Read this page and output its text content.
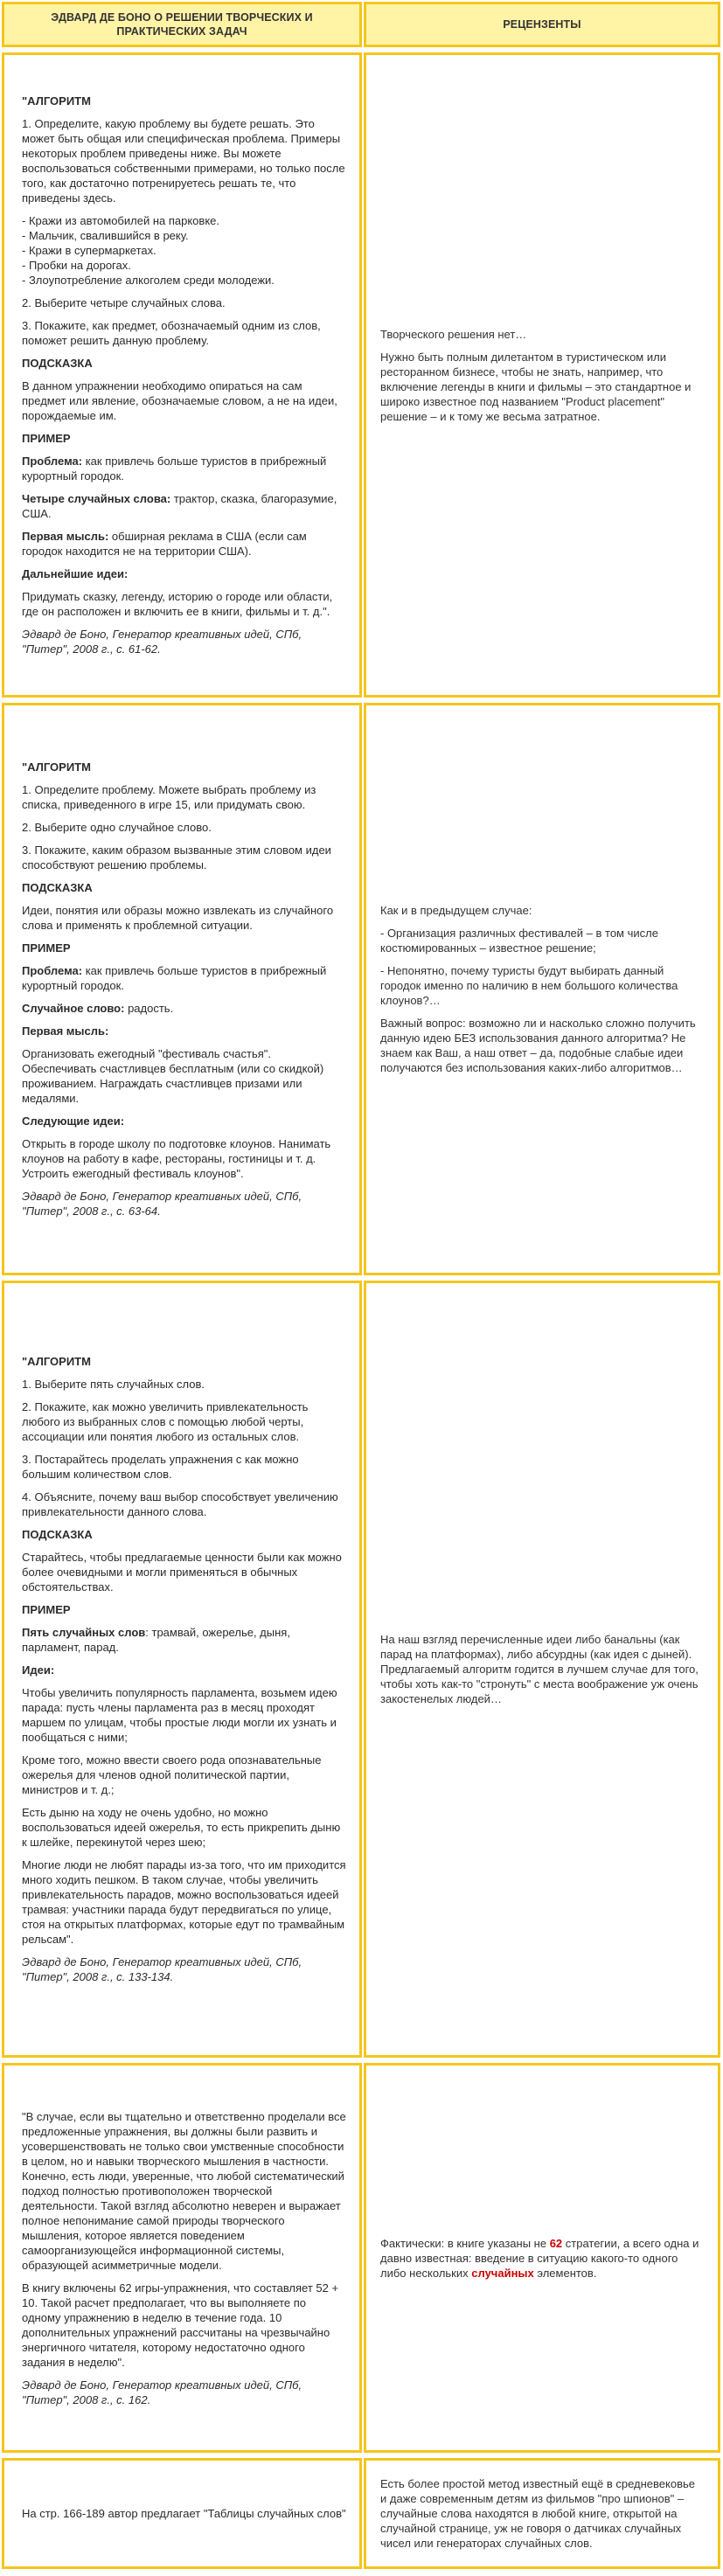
ЭДВАРД ДЕ БОНО О РЕШЕНИИ ТВОРЧЕСКИХ И ПРАКТИЧЕСКИХ ЗАДАЧ
РЕЦЕНЗЕНТЫ
"АЛГОРИТМ
1. Определите, какую проблему вы будете решать. Это может быть общая или специфическая проблема. Примеры некоторых проблем приведены ниже. Вы можете воспользоваться собственными примерами, но только после того, как достаточно потренируетесь решать те, что приведены здесь.
- Кражи из автомобилей на парковке.
- Мальчик, свалившийся в реку.
- Кражи в супермаркетах.
- Пробки на дорогах.
- Злоупотребление алкоголем среди молодежи.
2. Выберите четыре случайных слова.
3. Покажите, как предмет, обозначаемый одним из слов, поможет решить данную проблему.
ПОДСКАЗКА
В данном упражнении необходимо опираться на сам предмет или явление, обозначаемые словом, а не на идеи, порождаемые им.
ПРИМЕР
Проблема: как привлечь больше туристов в прибрежный курортный городок.
Четыре случайных слова: трактор, сказка, благоразумие, США.
Первая мысль: обширная реклама в США (если сам городок находится не на территории США).
Дальнейшие идеи:
Придумать сказку, легенду, историю о городе или области, где он расположен и включить ее в книги, фильмы и т. д.".
Эдвард де Боно, Генератор креативных идей, СПб, "Питер", 2008 г., с. 61-62.
Творческого решения нет…
Нужно быть полным дилетантом в туристическом или ресторанном бизнесе, чтобы не знать, например, что включение легенды в книги и фильмы – это стандартное и широко известное под названием "Product placement" решение – и к тому же весьма затратное.
"АЛГОРИТМ
1. Определите проблему. Можете выбрать проблему из списка, приведенного в игре 15, или придумать свою.
2. Выберите одно случайное слово.
3. Покажите, каким образом вызванные этим словом идеи способствуют решению проблемы.
ПОДСКАЗКА
Идеи, понятия или образы можно извлекать из случайного слова и применять к проблемной ситуации.
ПРИМЕР
Проблема: как привлечь больше туристов в прибрежный курортный городок.
Случайное слово: радость.
Первая мысль:
Организовать ежегодный "фестиваль счастья". Обеспечивать счастливцев бесплатным (или со скидкой) проживанием. Награждать счастливцев призами или медалями.
Следующие идеи:
Открыть в городе школу по подготовке клоунов. Нанимать клоунов на работу в кафе, рестораны, гостиницы и т. д. Устроить ежегодный фестиваль клоунов".
Эдвард де Боно, Генератор креативных идей, СПб, "Питер", 2008 г., с. 63-64.
Как и в предыдущем случае:
- Организация различных фестивалей – в том числе костюмированных – известное решение;
- Непонятно, почему туристы будут выбирать данный городок именно по наличию в нем большого количества клоунов?…
Важный вопрос: возможно ли и насколько сложно получить данную идею БЕЗ использования данного алгоритма? Не знаем как Ваш, а наш ответ – да, подобные слабые идеи получаются без использования каких-либо алгоритмов…
"АЛГОРИТМ
1. Выберите пять случайных слов.
2. Покажите, как можно увеличить привлекательность любого из выбранных слов с помощью любой черты, ассоциации или понятия любого из остальных слов.
3. Постарайтесь проделать упражнения с как можно большим количеством слов.
4. Объясните, почему ваш выбор способствует увеличению привлекательности данного слова.
ПОДСКАЗКА
Старайтесь, чтобы предлагаемые ценности были как можно более очевидными и могли применяться в обычных обстоятельствах.
ПРИМЕР
Пять случайных слов: трамвай, ожерелье, дыня, парламент, парад.
Идеи:
Чтобы увеличить популярность парламента, возьмем идею парада: пусть члены парламента раз в месяц проходят маршем по улицам, чтобы простые люди могли их узнать и пообщаться с ними;
Кроме того, можно ввести своего рода опознавательные ожерелья для членов одной политической партии, министров и т. д.;
Есть дыню на ходу не очень удобно, но можно воспользоваться идеей ожерелья, то есть прикрепить дыню к шлейке, перекинутой через шею;
Многие люди не любят парады из-за того, что им приходится много ходить пешком. В таком случае, чтобы увеличить привлекательность парадов, можно воспользоваться идеей трамвая: участники парада будут передвигаться по улице, стоя на открытых платформах, которые едут по трамвайным рельсам".
Эдвард де Боно, Генератор креативных идей, СПб, "Питер", 2008 г., с. 133-134.
На наш взгляд перечисленные идеи либо банальны (как парад на платформах), либо абсурдны (как идея с дыней). Предлагаемый алгоритм годится в лучшем случае для того, чтобы хоть как-то "стронуть" с места воображение уж очень закостенелых людей…
"В случае, если вы тщательно и ответственно проделали все предложенные упражнения, вы должны были развить и усовершенствовать не только свои умственные способности в целом, но и навыки творческого мышления в частности. Конечно, есть люди, уверенные, что любой систематический подход полностью противоположен творческой деятельности. Такой взгляд абсолютно неверен и выражает полное непонимание самой природы творческого мышления, которое является поведением самоорганизующейся информационной системы, образующей асимметричные модели.
В книгу включены 62 игры-упражнения, что составляет 52 + 10. Такой расчет предполагает, что вы выполняете по одному упражнению в неделю в течение года. 10 дополнительных упражнений рассчитаны на чрезвычайно энергичного читателя, которому недостаточно одного задания в неделю".
Эдвард де Боно, Генератор креативных идей, СПб, "Питер", 2008 г., с. 162.
Фактически: в книге указаны не 62 стратегии, а всего одна и давно известная: введение в ситуацию какого-то одного либо нескольких случайных элементов.
На стр. 166-189 автор предлагает "Таблицы случайных слов"
Есть более простой метод известный ещё в средневековье и даже современным детям из фильмов "про шпионов" – случайные слова находятся в любой книге, открытой на случайной странице, уж не говоря о датчиках случайных чисел или генераторах случайных слов.
